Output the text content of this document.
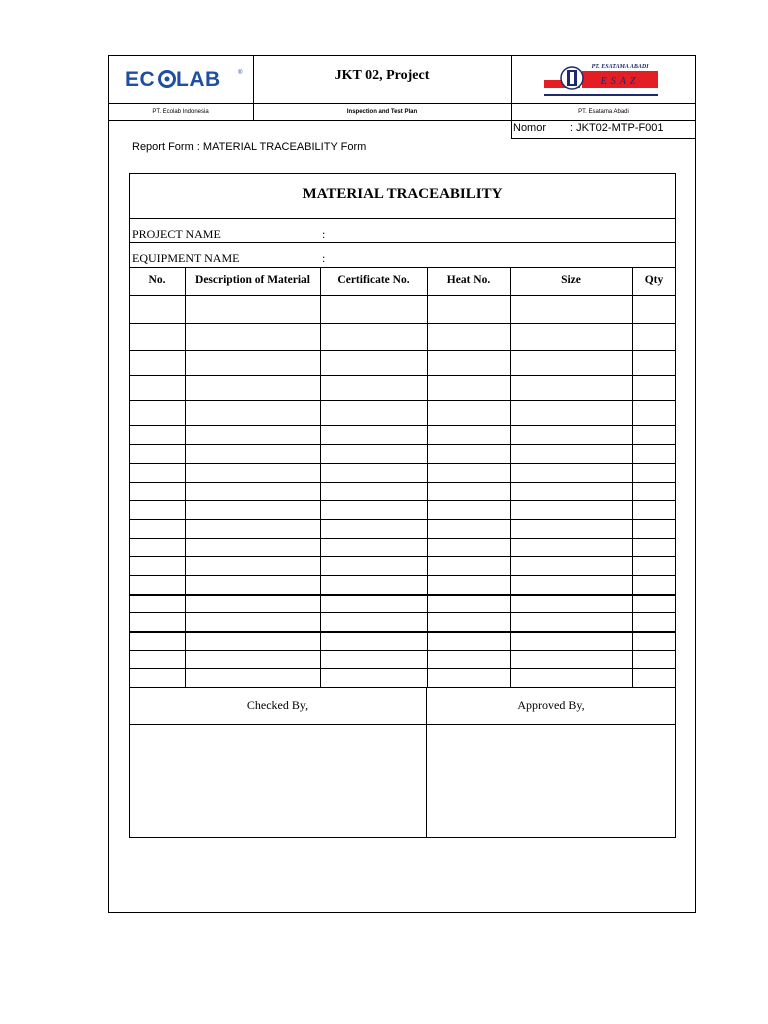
EC LAB	®	JKT 02, Project
PT. ESATAMA ABADI
ESAZ
PT. Ecolab Indonesia	Inspection and Test Plan	PT. Esatama Abadi
Nomor : JKT02-MTP-F001
Report Form : MATERIAL TRACEABILITY Form
MATERIAL TRACEABILITY
PROJECT NAME	:
EQUIPMENT NAME	:
No.	Description of Material	Certificate No.	Heat No.	Size	Qty
Checked By,	Approved By,
